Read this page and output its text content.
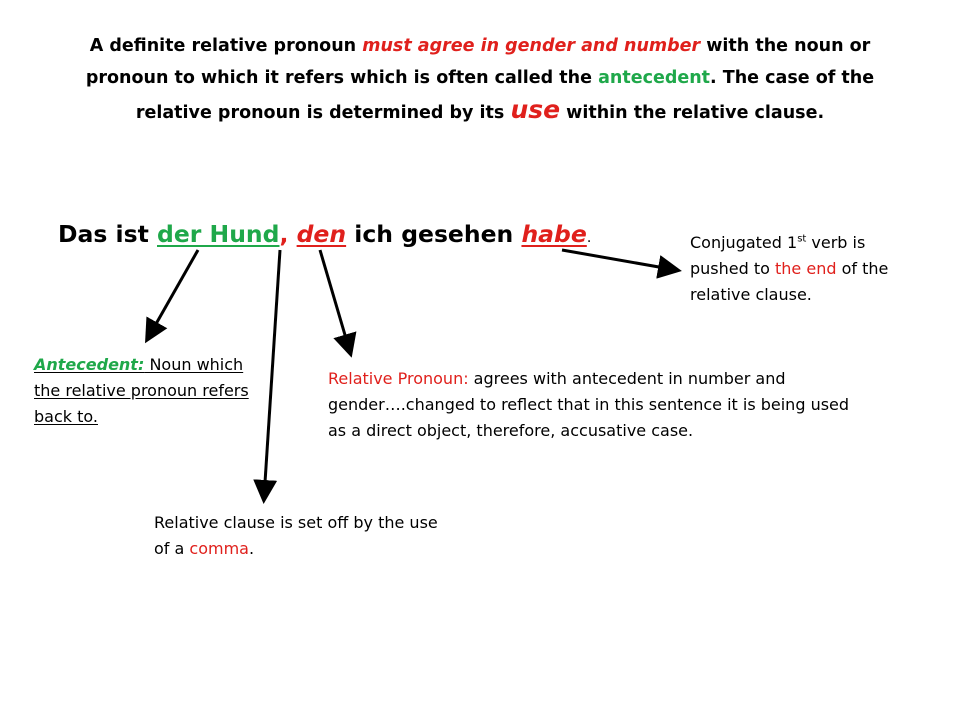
A definite relative pronoun must agree in gender and number with the noun or pronoun to which it refers which is often called the antecedent. The case of the relative pronoun is determined by its use within the relative clause.
Das ist der Hund, den ich gesehen habe.	Conjugated 1st verb is pushed to the end of the relative clause.
Antecedent: Noun which the relative pronoun refers back to.
Relative Pronoun: agrees with antecedent in number and gender….changed to reflect that in this sentence it is being used as a direct object, therefore, accusative case.
Relative clause is set off by the use of a comma.
